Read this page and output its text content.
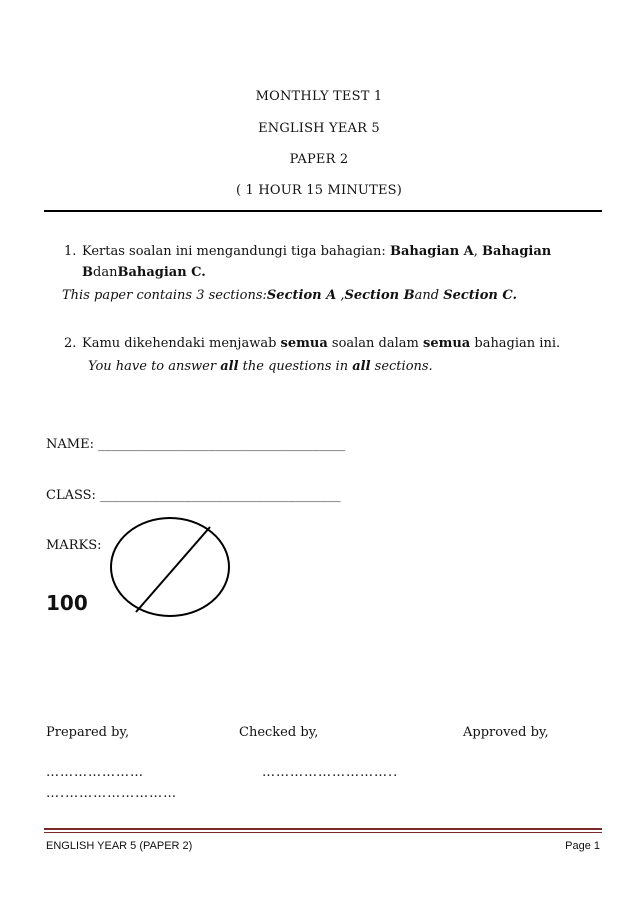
MONTHLY TEST 1
ENGLISH YEAR 5
PAPER 2
( 1 HOUR 15 MINUTES)
1. Kertas soalan ini mengandungi tiga bahagian: Bahagian A, Bahagian
BdanBahagian C.
This paper contains 3 sections:Section A ,Section Band Section C.
2. Kamu dikehendaki menjawab semua soalan dalam semua bahagian ini.
You have to answer all the questions in all sections.
NAME: ______________________________________
CLASS: _____________________________________
MARKS:
100
Prepared by,	Checked by,	Approved by,
…………………	………………………..
….……………………
ENGLISH YEAR 5 (PAPER 2)	Page 1
